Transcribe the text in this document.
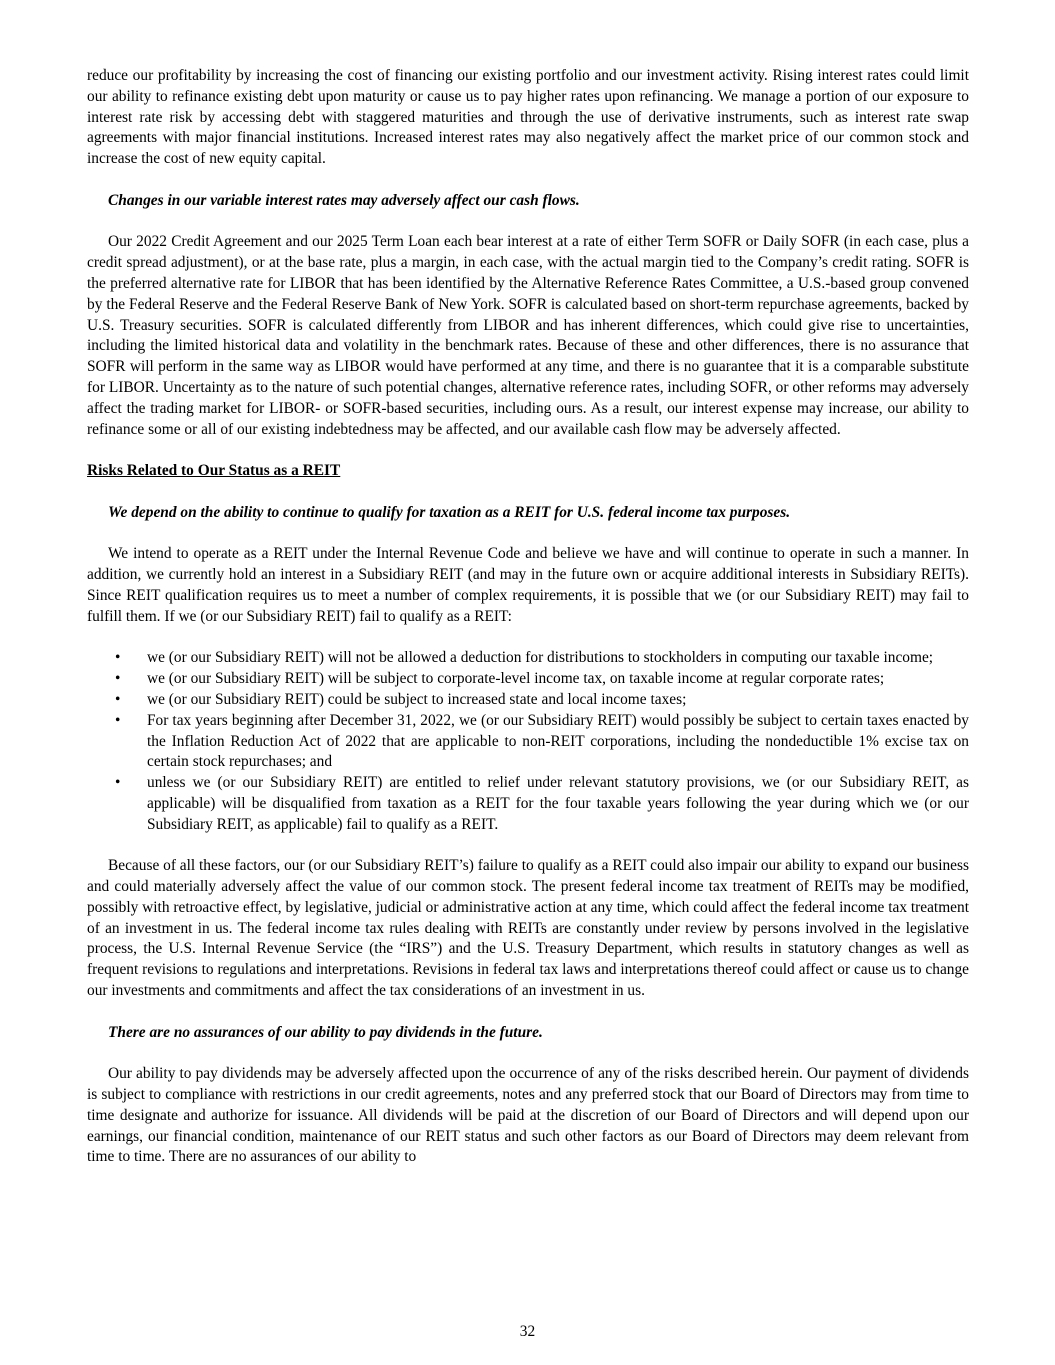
reduce our profitability by increasing the cost of financing our existing portfolio and our investment activity. Rising interest rates could limit our ability to refinance existing debt upon maturity or cause us to pay higher rates upon refinancing. We manage a portion of our exposure to interest rate risk by accessing debt with staggered maturities and through the use of derivative instruments, such as interest rate swap agreements with major financial institutions. Increased interest rates may also negatively affect the market price of our common stock and increase the cost of new equity capital.

Changes in our variable interest rates may adversely affect our cash flows.

Our 2022 Credit Agreement and our 2025 Term Loan each bear interest at a rate of either Term SOFR or Daily SOFR (in each case, plus a credit spread adjustment), or at the base rate, plus a margin, in each case, with the actual margin tied to the Company’s credit rating. SOFR is the preferred alternative rate for LIBOR that has been identified by the Alternative Reference Rates Committee, a U.S.-based group convened by the Federal Reserve and the Federal Reserve Bank of New York. SOFR is calculated based on short-term repurchase agreements, backed by U.S. Treasury securities. SOFR is calculated differently from LIBOR and has inherent differences, which could give rise to uncertainties, including the limited historical data and volatility in the benchmark rates. Because of these and other differences, there is no assurance that SOFR will perform in the same way as LIBOR would have performed at any time, and there is no guarantee that it is a comparable substitute for LIBOR. Uncertainty as to the nature of such potential changes, alternative reference rates, including SOFR, or other reforms may adversely affect the trading market for LIBOR- or SOFR-based securities, including ours. As a result, our interest expense may increase, our ability to refinance some or all of our existing indebtedness may be affected, and our available cash flow may be adversely affected.

Risks Related to Our Status as a REIT

We depend on the ability to continue to qualify for taxation as a REIT for U.S. federal income tax purposes.

We intend to operate as a REIT under the Internal Revenue Code and believe we have and will continue to operate in such a manner. In addition, we currently hold an interest in a Subsidiary REIT (and may in the future own or acquire additional interests in Subsidiary REITs). Since REIT qualification requires us to meet a number of complex requirements, it is possible that we (or our Subsidiary REIT) may fail to fulfill them. If we (or our Subsidiary REIT) fail to qualify as a REIT:

• we (or our Subsidiary REIT) will not be allowed a deduction for distributions to stockholders in computing our taxable income;
• we (or our Subsidiary REIT) will be subject to corporate-level income tax, on taxable income at regular corporate rates;
• we (or our Subsidiary REIT) could be subject to increased state and local income taxes;
• For tax years beginning after December 31, 2022, we (or our Subsidiary REIT) would possibly be subject to certain taxes enacted by the Inflation Reduction Act of 2022 that are applicable to non-REIT corporations, including the nondeductible 1% excise tax on certain stock repurchases; and
• unless we (or our Subsidiary REIT) are entitled to relief under relevant statutory provisions, we (or our Subsidiary REIT, as applicable) will be disqualified from taxation as a REIT for the four taxable years following the year during which we (or our Subsidiary REIT, as applicable) fail to qualify as a REIT.

Because of all these factors, our (or our Subsidiary REIT’s) failure to qualify as a REIT could also impair our ability to expand our business and could materially adversely affect the value of our common stock. The present federal income tax treatment of REITs may be modified, possibly with retroactive effect, by legislative, judicial or administrative action at any time, which could affect the federal income tax treatment of an investment in us. The federal income tax rules dealing with REITs are constantly under review by persons involved in the legislative process, the U.S. Internal Revenue Service (the “IRS”) and the U.S. Treasury Department, which results in statutory changes as well as frequent revisions to regulations and interpretations. Revisions in federal tax laws and interpretations thereof could affect or cause us to change our investments and commitments and affect the tax considerations of an investment in us.

There are no assurances of our ability to pay dividends in the future.

Our ability to pay dividends may be adversely affected upon the occurrence of any of the risks described herein. Our payment of dividends is subject to compliance with restrictions in our credit agreements, notes and any preferred stock that our Board of Directors may from time to time designate and authorize for issuance. All dividends will be paid at the discretion of our Board of Directors and will depend upon our earnings, our financial condition, maintenance of our REIT status and such other factors as our Board of Directors may deem relevant from time to time. There are no assurances of our ability to

32
